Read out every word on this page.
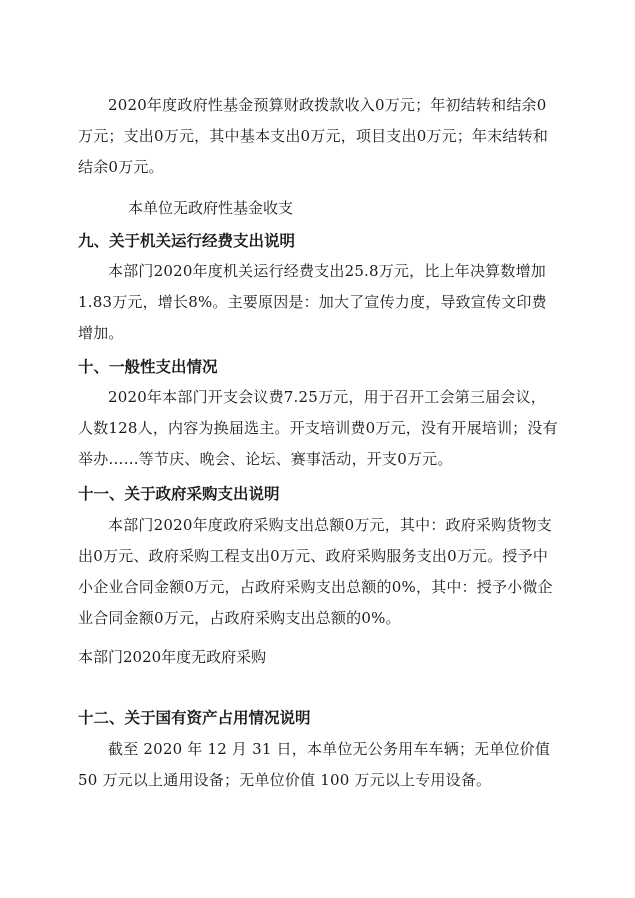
2020年度政府性基金预算财政拨款收入0万元；年初结转和结余0万元；支出0万元，其中基本支出0万元，项目支出0万元；年末结转和结余0万元。

本单位无政府性基金收支
九、关于机关运行经费支出说明

本部门2020年度机关运行经费支出25.8万元，比上年决算数增加1.83万元，增长8%。主要原因是：加大了宣传力度，导致宣传文印费增加。

十、一般性支出情况

2020年本部门开支会议费7.25万元，用于召开工会第三届会议，人数128人，内容为换届选主。开支培训费0万元，没有开展培训；没有举办……等节庆、晚会、论坛、赛事活动，开支0万元。

十一、关于政府采购支出说明

本部门2020年度政府采购支出总额0万元，其中：政府采购货物支出0万元、政府采购工程支出0万元、政府采购服务支出0万元。授予中小企业合同金额0万元，占政府采购支出总额的0%，其中：授予小微企业合同金额0万元，占政府采购支出总额的0%。

本部门2020年度无政府采购
十二、关于国有资产占用情况说明

截至 2020 年 12 月 31 日，本单位无公务用车车辆；无单位价值 50 万元以上通用设备；无单位价值 100 万元以上专用设备。
